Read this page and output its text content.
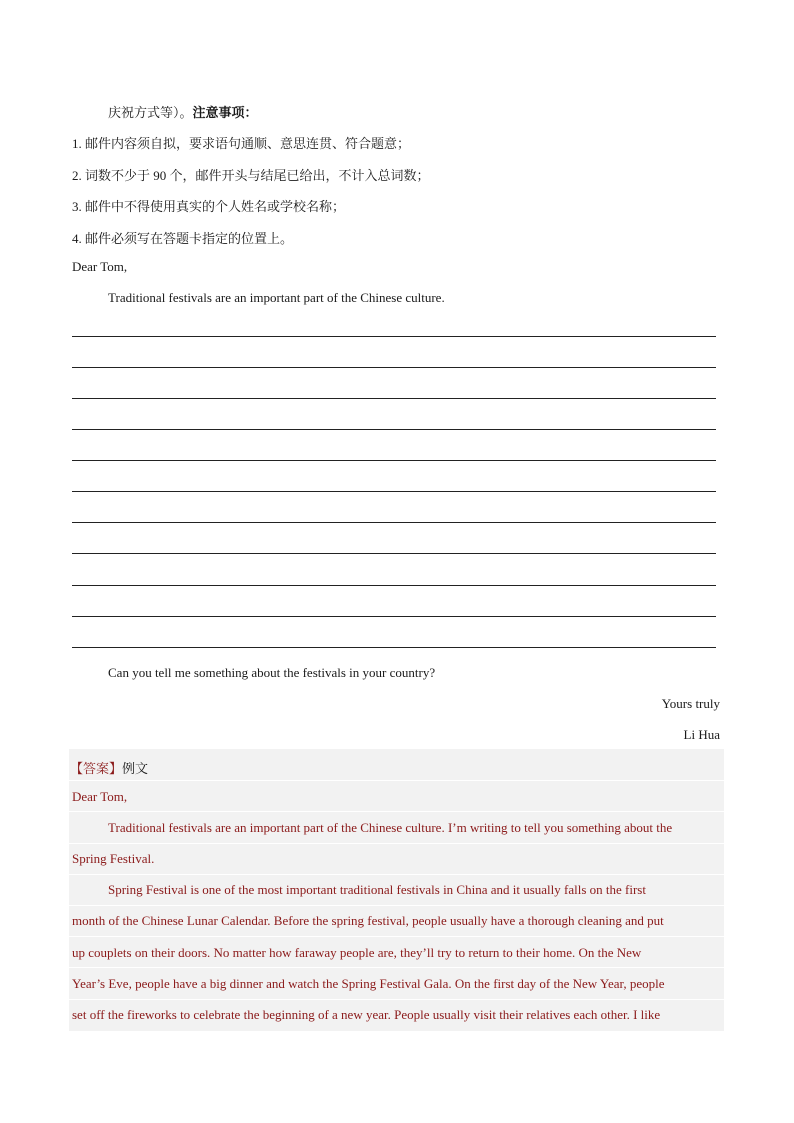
庆祝方式等）。注意事项：
1. 邮件内容须自拟，要求语句通顺、意思连贯、符合题意；
2. 词数不少于 90 个，邮件开头与结尾已给出，不计入总词数；
3. 邮件中不得使用真实的个人姓名或学校名称；
4. 邮件必须写在答题卡指定的位置上。
Dear Tom,
Traditional festivals are an important part of the Chinese culture.
Can you tell me something about the festivals in your country?
Yours truly
Li Hua
【答案】例文
Dear Tom,
Traditional festivals are an important part of the Chinese culture. I’m writing to tell you something about the
Spring Festival.
Spring Festival is one of the most important traditional festivals in China and it usually falls on the first
month of the Chinese Lunar Calendar. Before the spring festival, people usually have a thorough cleaning and put
up couplets on their doors. No matter how faraway people are, they’ll try to return to their home. On the New
Year’s Eve, people have a big dinner and watch the Spring Festival Gala. On the first day of the New Year, people
set off the fireworks to celebrate the beginning of a new year. People usually visit their relatives each other. I like
